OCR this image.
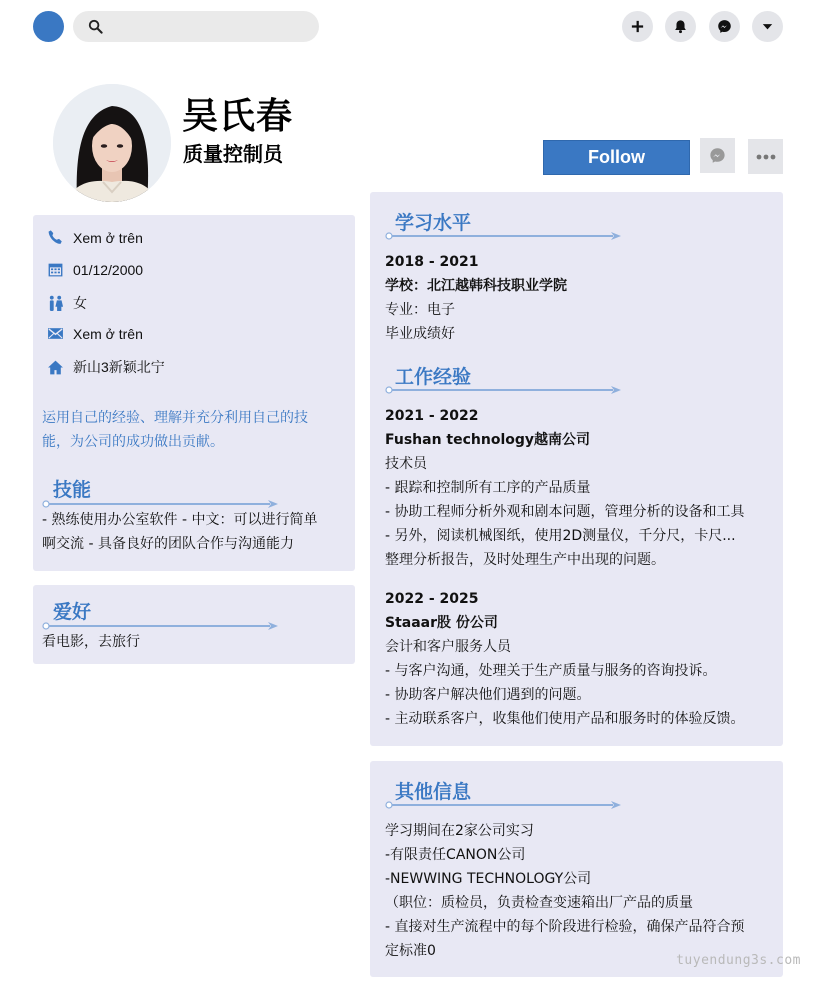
吴氏春
质量控制员	Follow
Xem ở trên
01/12/2000
女
Xem ở trên
新山3新颖北宁
运用自己的经验、理解并充分利用自己的技
能，为公司的成功做出贡献。
技能
- 熟练使用办公室软件 - 中文：可以进行简单
啊交流 - 具备良好的团队合作与沟通能力
爱好
看电影，去旅行
学习水平
2018 - 2021
学校：北江越韩科技职业学院
专业：电子
毕业成绩好
工作经验
2021 - 2022
Fushan technology越南公司
技术员
- 跟踪和控制所有工序的产品质量
- 协助工程师分析外观和剧本问题，管理分析的设备和工具
- 另外，阅读机械图纸，使用2D测量仪，千分尺，卡尺...
整理分析报告，及时处理生产中出现的问题。
2022 - 2025
Staaar股 份公司
会计和客户服务人员
- 与客户沟通，处理关于生产质量与服务的咨询投诉。
- 协助客户解决他们遇到的问题。
- 主动联系客户，收集他们使用产品和服务时的体验反馈。
其他信息
学习期间在2家公司实习
-有限责任CANON公司
-NEWWING TECHNOLOGY公司
（职位：质检员，负责检查变速箱出厂产品的质量
- 直接对生产流程中的每个阶段进行检验，确保产品符合预
定标准0
tuyendung3s.com
